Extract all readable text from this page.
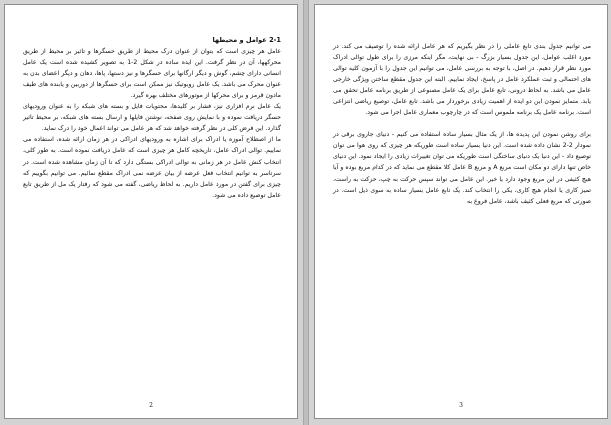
2-1 عوامل و محیطها

عامل هر چیزی است که بتوان از عنوان درک محیط از طریق حسگرها و تاثیر بر محیط از طریق محرکهها، آن در نظر گرفت. این ایده ساده در شکل 2-1 به تصویر کشیده شده است یک عامل انسانی دارای چشم، گوش و دیگر ارگانها برای حسگرها و نیز دستها، پاها، دهان و دیگر اعضای بدن به عنوان محرک می باشد. یک عامل روبوتیک نیز ممکن است برای حسگرها از دوربین و یابنده های طیف مادون قرمز و برای محرکها از موتورهای مختلف بهره گیرد.

یک عامل نرم افزاری نیز، فشار بر کلیدها، محتویات فایل و بسته های شبکه را به عنوان ورودیهای حسگر دریافت نموده و با نمایش روی صفحه، نوشتن فایلها و ارسال بسته های شبکه، بر محیط تاثیر گذارد. این فرض کلی در نظر گرفته خواهد شد که هر عامل می تواند اعمال خود را درک نماید.

ما از اصطلاح آموزه یا ادراک برای اشاره به ورودیهای ادراکی در هر زمان ارائه شده، استفاده می نماییم. توالی ادراک عامل، تاریخچه کامل هر چیزی است که عامل دریافت نموده است. به طور کلی، انتخاب کنش عامل در هر زمانی به توالی ادراکی بستگی دارد که تا آن زمان مشاهده شده است. در سرتاسر به توانیم انتخاب فعل عرضه از بیان عرضه نمی ادراک مقطع نمائیم. می توانیم بگوییم که چیزی برای گفتن در مورد عامل داریم. به لحاظ ریاضی، گفته می شود که رفتار یک مل از طریق تابع عامل توصیع داده می شود.

2

می توانیم جدول بندی تابع عاملی را در نظر بگیریم که هر عامل ارائه شده را توصیف می کند. در مورد اغلب عوامل، این جدول بسیار بزرگ - بی نهایت، مگر اینکه مرزی را برای طول توالی ادراک مورد نظر قرار دهیم. در اصل، با توجه به بررسی عامل، می توانیم این جدول را با آزمون کلیه توالی های احتمالی و ثبت عملکرد عامل در پاسخ، ایجاد نماییم. البته این جدول مقطع ساختن ویژگی خارجی عامل می باشد. به لحاظ درونی، تابع عامل برای یک عامل مصنوعی از طریق برنامه عامل تحقق می یابد. متمایز نمودن این دو ایده از اهمیت زیادی برخوردار می باشد. تابع عامل، توصیع ریاضی انتزاعی است. برنامه عامل یک برنامه ملموس است که در چارچوب معماری عامل اجرا می شود.

برای روشن نمودن این پدیده ها، از یک مثال بسیار ساده استفاده می کنیم - دنیای جاروی برقی در نمودار 2-2 نشان داده شده است. این دنیا بسیار ساده است طوریکه هر چیزی که روی هوا می توان توصیع داد - این دنیا یک دنیای ساختگی است طوریکه می توان تغییرات زیادی را ایجاد نمود. این دنیای خاص تنها دارای دو مکان است مربع A و مربع B عامل کلا مقطع می نماید که در کدام مربع بوده و آیا هیچ کثیفی در این مربع وجود دارد یا خیر. این عامل می تواند سپس حرکت به چپ، حرکت به راست، تمیز کاری یا انجام هیچ کاری، یکی را انتخاب کند. یک تابع عامل بسیار ساده به سوی ذیل است. در صورتی که مربع فعلی کثیف باشد، عامل فروع به

3
